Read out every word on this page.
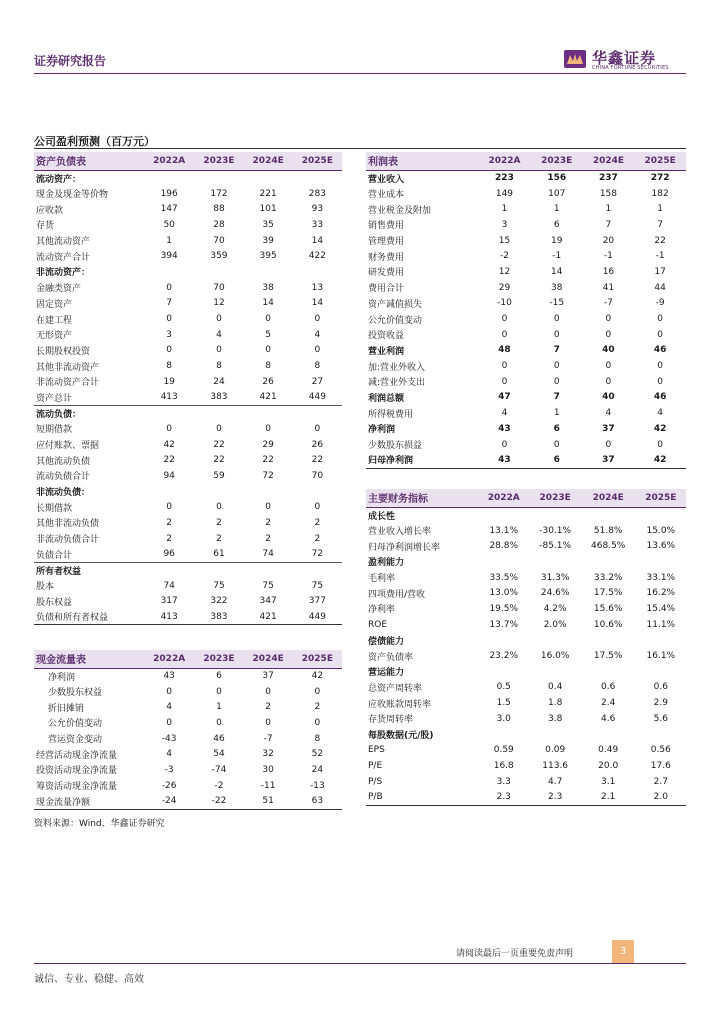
证券研究报告	华鑫证券
CHINA FORTUNE SECURITIES
公司盈利预测（百万元）
资产负债表	2022A	2023E	2024E	2025E
流动资产：				
现金及现金等价物	196	172	221	283
应收款	147	88	101	93
存货	50	28	35	33
其他流动资产	1	70	39	14
流动资产合计	394	359	395	422
非流动资产：				
金融类资产	0	70	38	13
固定资产	7	12	14	14
在建工程	0	0	0	0
无形资产	3	4	5	4
长期股权投资	0	0	0	0
其他非流动资产	8	8	8	8
非流动资产合计	19	24	26	27
资产总计	413	383	421	449
流动负债：				
短期借款	0	0	0	0
应付账款、票据	42	22	29	26
其他流动负债	22	22	22	22
流动负债合计	94	59	72	70
非流动负债：				
长期借款	0	0	0	0
其他非流动负债	2	2	2	2
非流动负债合计	2	2	2	2
负债合计	96	61	74	72
所有者权益				
股本	74	75	75	75
股东权益	317	322	347	377
负债和所有者权益	413	383	421	449
现金流量表	2022A	2023E	2024E	2025E
净利润	43	6	37	42
少数股东权益	0	0	0	0
折旧摊销	4	1	2	2
公允价值变动	0	0	0	0
营运资金变动	-43	46	-7	8
经营活动现金净流量	4	54	32	52
投资活动现金净流量	-3	-74	30	24
筹资活动现金净流量	-26	-2	-11	-13
现金流量净额	-24	-22	51	63
利润表	2022A	2023E	2024E	2025E
营业收入	223	156	237	272
营业成本	149	107	158	182
营业税金及附加	1	1	1	1
销售费用	3	6	7	7
管理费用	15	19	20	22
财务费用	-2	-1	-1	-1
研发费用	12	14	16	17
费用合计	29	38	41	44
资产减值损失	-10	-15	-7	-9
公允价值变动	0	0	0	0
投资收益	0	0	0	0
营业利润	48	7	40	46
加:营业外收入	0	0	0	0
减:营业外支出	0	0	0	0
利润总额	47	7	40	46
所得税费用	4	1	4	4
净利润	43	6	37	42
少数股东损益	0	0	0	0
归母净利润	43	6	37	42
主要财务指标	2022A	2023E	2024E	2025E
成长性				
营业收入增长率	13.1%	-30.1%	51.8%	15.0%
归母净利润增长率	28.8%	-85.1%	468.5%	13.6%
盈利能力				
毛利率	33.5%	31.3%	33.2%	33.1%
四项费用/营收	13.0%	24.6%	17.5%	16.2%
净利率	19.5%	4.2%	15.6%	15.4%
ROE	13.7%	2.0%	10.6%	11.1%
偿债能力				
资产负债率	23.2%	16.0%	17.5%	16.1%
营运能力				
总资产周转率	0.5	0.4	0.6	0.6
应收账款周转率	1.5	1.8	2.4	2.9
存货周转率	3.0	3.8	4.6	5.6
每股数据(元/股)				
EPS	0.59	0.09	0.49	0.56
P/E	16.8	113.6	20.0	17.6
P/S	3.3	4.7	3.1	2.7
P/B	2.3	2.3	2.1	2.0
资料来源：Wind、华鑫证券研究
请阅读最后一页重要免责声明	3
诚信、专业、稳健、高效
